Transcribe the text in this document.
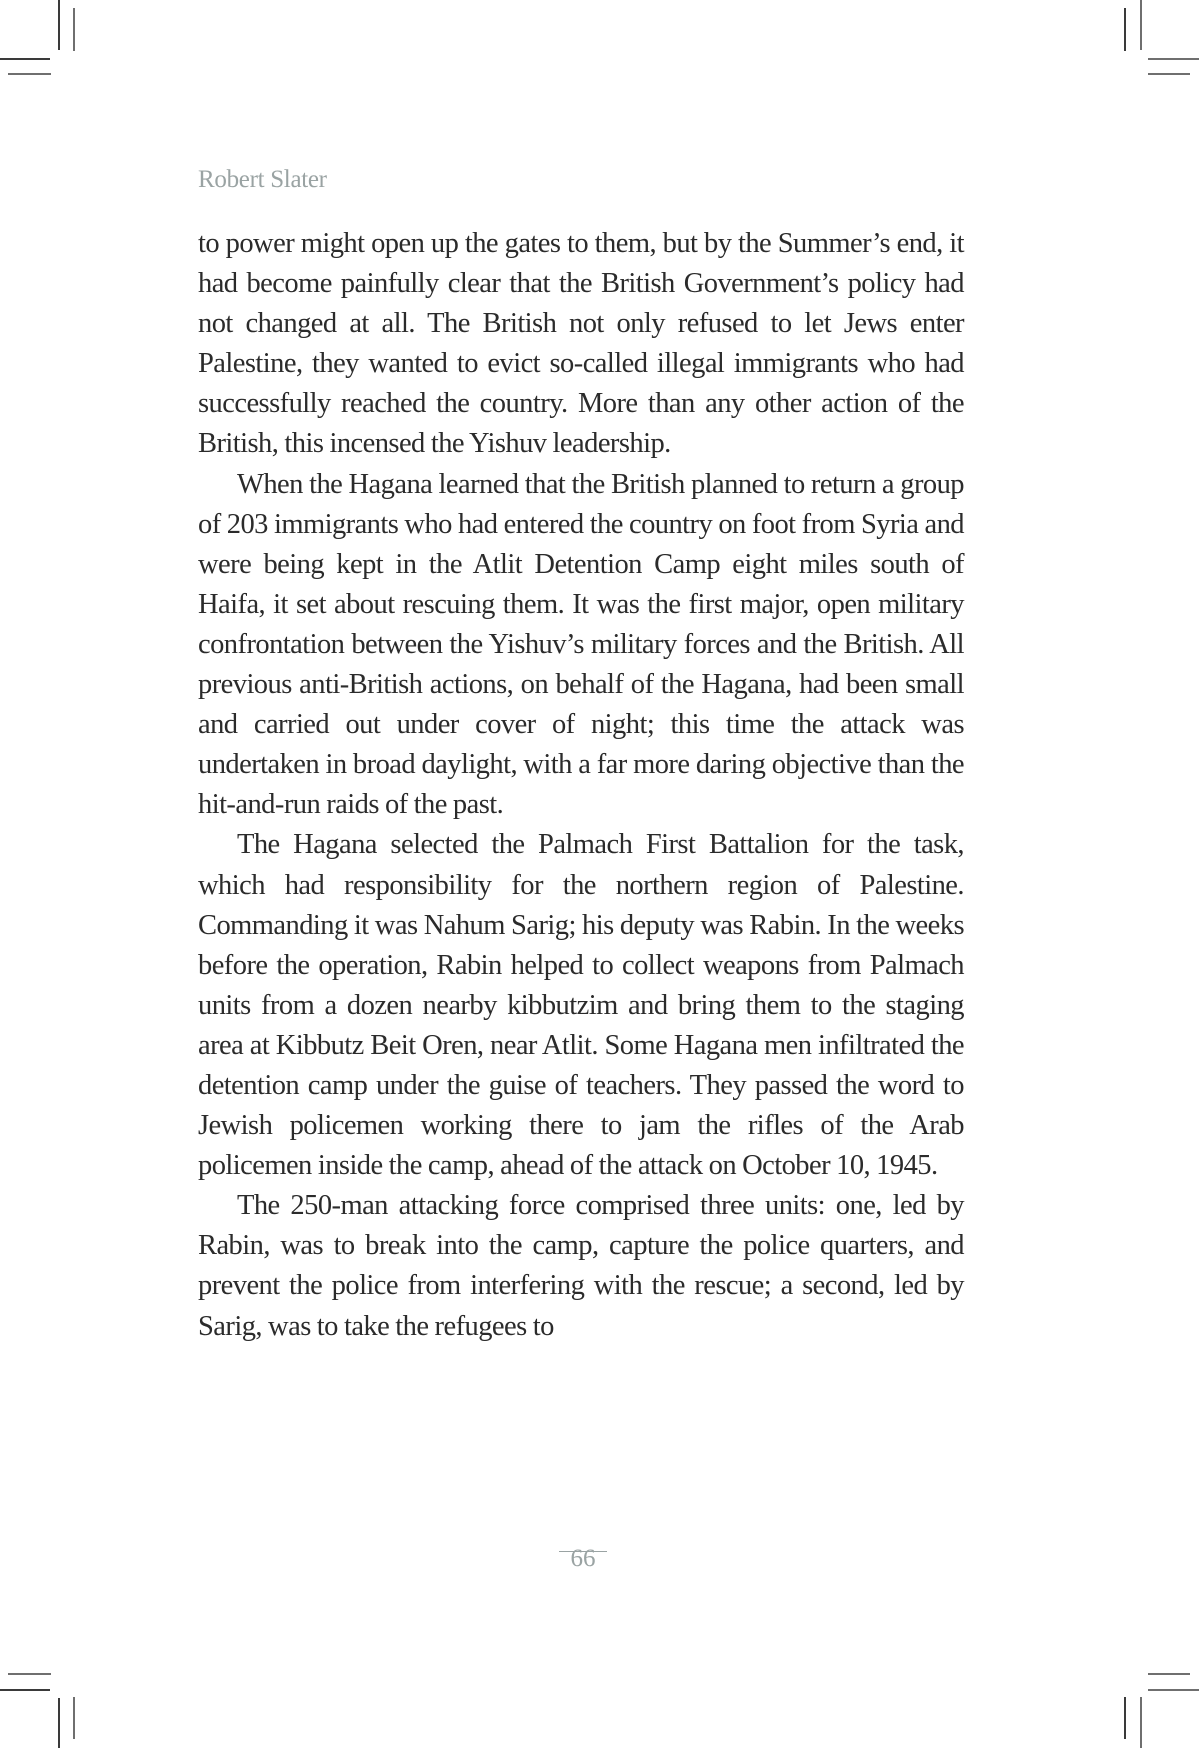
Robert Slater

to power might open up the gates to them, but by the Summer’s end, it had become painfully clear that the British Government’s policy had not changed at all. The British not only refused to let Jews enter Palestine, they wanted to evict so-called illegal immigrants who had successfully reached the country. More than any other action of the British, this incensed the Yishuv leadership.

When the Hagana learned that the British planned to return a group of 203 immigrants who had entered the country on foot from Syria and were being kept in the Atlit Detention Camp eight miles south of Haifa, it set about rescuing them. It was the first major, open military confrontation between the Yishuv’s military forces and the British. All previous anti-British actions, on behalf of the Hagana, had been small and carried out under cover of night; this time the attack was undertaken in broad daylight, with a far more daring objective than the hit-and-run raids of the past.

The Hagana selected the Palmach First Battalion for the task, which had responsibility for the northern region of Palestine. Commanding it was Nahum Sarig; his deputy was Rabin. In the weeks before the operation, Rabin helped to collect weapons from Palmach units from a dozen nearby kibbutzim and bring them to the staging area at Kibbutz Beit Oren, near Atlit. Some Hagana men infiltrated the detention camp under the guise of teachers. They passed the word to Jewish policemen working there to jam the rifles of the Arab policemen inside the camp, ahead of the attack on October 10, 1945.

The 250-man attacking force comprised three units: one, led by Rabin, was to break into the camp, capture the police quarters, and prevent the police from interfering with the rescue; a second, led by Sarig, was to take the refugees to

66
